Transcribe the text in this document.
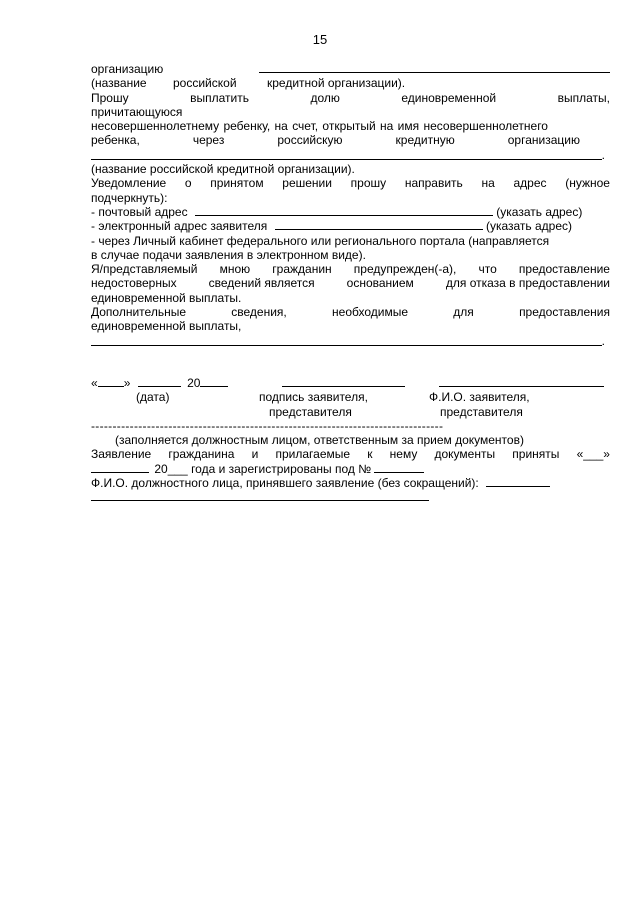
15
организацию
(название	российской	кредитной организации).
Прошу	выплатить	долю	единовременной	выплаты,
причитающуюся
несовершеннолетнему ребенку, на счет, открытый на имя несовершеннолетнего
ребенка,	через	российскую	кредитную	организацию
.
(название российской кредитной организации).
Уведомление о принятом решении прошу направить на адрес (нужное
подчеркнуть):
- почтовый адрес	(указать адрес)
- электронный адрес заявителя	(указать адрес)
- через Личный кабинет федерального или регионального портала (направляется
в случае подачи заявления в электронном виде).
Я/представляемый мною гражданин предупрежден(-а), что предоставление
недостоверных	сведений является	основанием	для отказа в предоставлении
единовременной выплаты.
Дополнительные	сведения,	необходимые	для	предоставления
единовременной выплаты,
.
« »	20
(дата)	подпись заявителя,	Ф.И.О. заявителя,
представителя	представителя
----------------------------------------------------------------------------------
(заполняется должностным лицом, ответственным за прием документов)
Заявление гражданина и прилагаемые к нему документы приняты «___»
20___ года и зарегистрированы под №
Ф.И.О. должностного лица, принявшего заявление (без сокращений):
